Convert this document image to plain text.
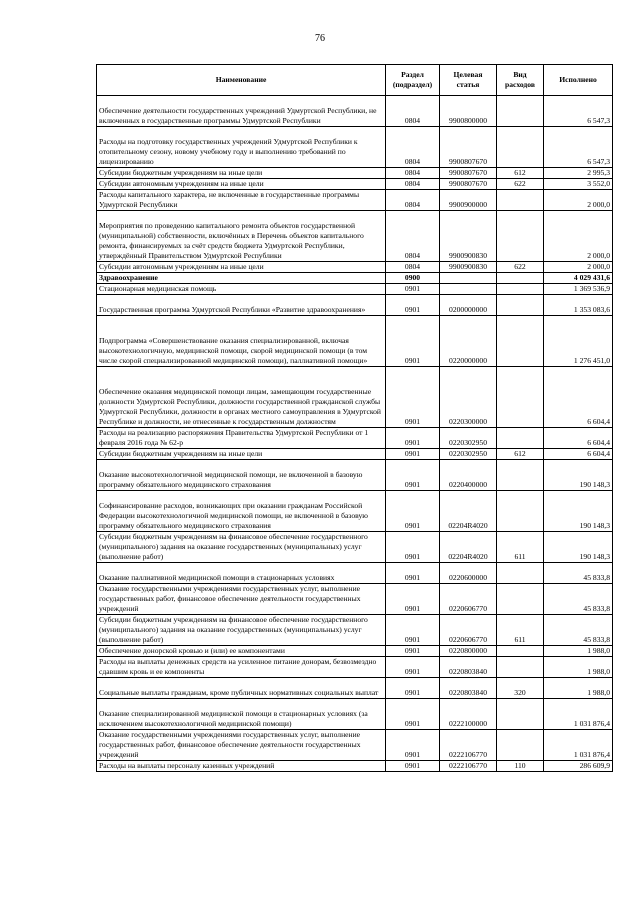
76
Наименование	Раздел (подраздел)	Целевая статья	Вид расходов	Исполнено
Обеспечение деятельности государственных учреждений Удмуртской Республики, не включенных в государственные программы Удмуртской Республики	0804	9900800000		6 547,3
Расходы на подготовку государственных учреждений Удмуртской Республики к отопительному сезону, новому учебному году и выполнению требований по лицензированию	0804	9900807670		6 547,3
Субсидии бюджетным учреждениям на иные цели	0804	9900807670	612	2 995,3
Субсидии автономным учреждениям на иные цели	0804	9900807670	622	3 552,0
Расходы капитального характера, не включенные в государственные программы Удмуртской Республики	0804	9900900000		2 000,0
Мероприятия по проведению капитального ремонта объектов государственной (муниципальной) собственности, включённых в Перечень объектов капитального ремонта, финансируемых за счёт средств бюджета Удмуртской Республики, утверждённый Правительством Удмуртской Республики	0804	9900900830		2 000,0
Субсидии автономным учреждениям на иные цели	0804	9900900830	622	2 000,0
Здравоохранение	0900			4 029 431,6
Стационарная медицинская помощь	0901			1 369 536,9
Государственная программа Удмуртской Республики «Развитие здравоохранения»	0901	0200000000		1 353 083,6
Подпрограмма «Совершенствование оказания специализированной, включая высокотехнологичную, медицинской помощи, скорой медицинской помощи (в том числе скорой специализированной медицинской помощи), паллиативной помощи»	0901	0220000000		1 276 451,0
Обеспечение оказания медицинской помощи лицам, замещающим государственные должности Удмуртской Республики, должности государственной гражданской службы Удмуртской Республики, должности в органах местного самоуправления в Удмуртской Республике и должности, не отнесенные к государственным должностям	0901	0220300000		6 604,4
Расходы на реализацию распоряжения Правительства Удмуртской Республики от 1 февраля 2016 года № 62-р	0901	0220302950		6 604,4
Субсидии бюджетным учреждениям на иные цели	0901	0220302950	612	6 604,4
Оказание высокотехнологичной медицинской помощи, не включенной в базовую программу обязательного медицинского страхования	0901	0220400000		190 148,3
Софинансирование расходов, возникающих при оказании гражданам Российской Федерации высокотехнологичной медицинской помощи, не включенной в базовую программу обязательного медицинского страхования	0901	02204R4020		190 148,3
Субсидии бюджетным учреждениям на финансовое обеспечение государственного (муниципального) задания на оказание государственных (муниципальных) услуг (выполнение работ)	0901	02204R4020	611	190 148,3
Оказание паллиативной медицинской помощи в стационарных условиях	0901	0220600000		45 833,8
Оказание государственными учреждениями государственных услуг, выполнение государственных работ, финансовое обеспечение деятельности государственных учреждений	0901	0220606770		45 833,8
Субсидии бюджетным учреждениям на финансовое обеспечение государственного (муниципального) задания на оказание государственных (муниципальных) услуг (выполнение работ)	0901	0220606770	611	45 833,8
Обеспечение донорской кровью и (или) ее компонентами	0901	0220800000		1 988,0
Расходы на выплаты денежных средств на усиленное питание донорам, безвозмездно сдавшим кровь и ее компоненты	0901	0220803840		1 988,0
Социальные выплаты гражданам, кроме публичных нормативных социальных выплат	0901	0220803840	320	1 988,0
Оказание специализированной медицинской помощи в стационарных условиях (за исключением высокотехнологичной медицинской помощи)	0901	0222100000		1 031 876,4
Оказание государственными учреждениями государственных услуг, выполнение государственных работ, финансовое обеспечение деятельности государственных учреждений	0901	0222106770		1 031 876,4
Расходы на выплаты персоналу казенных учреждений	0901	0222106770	110	286 609,9
